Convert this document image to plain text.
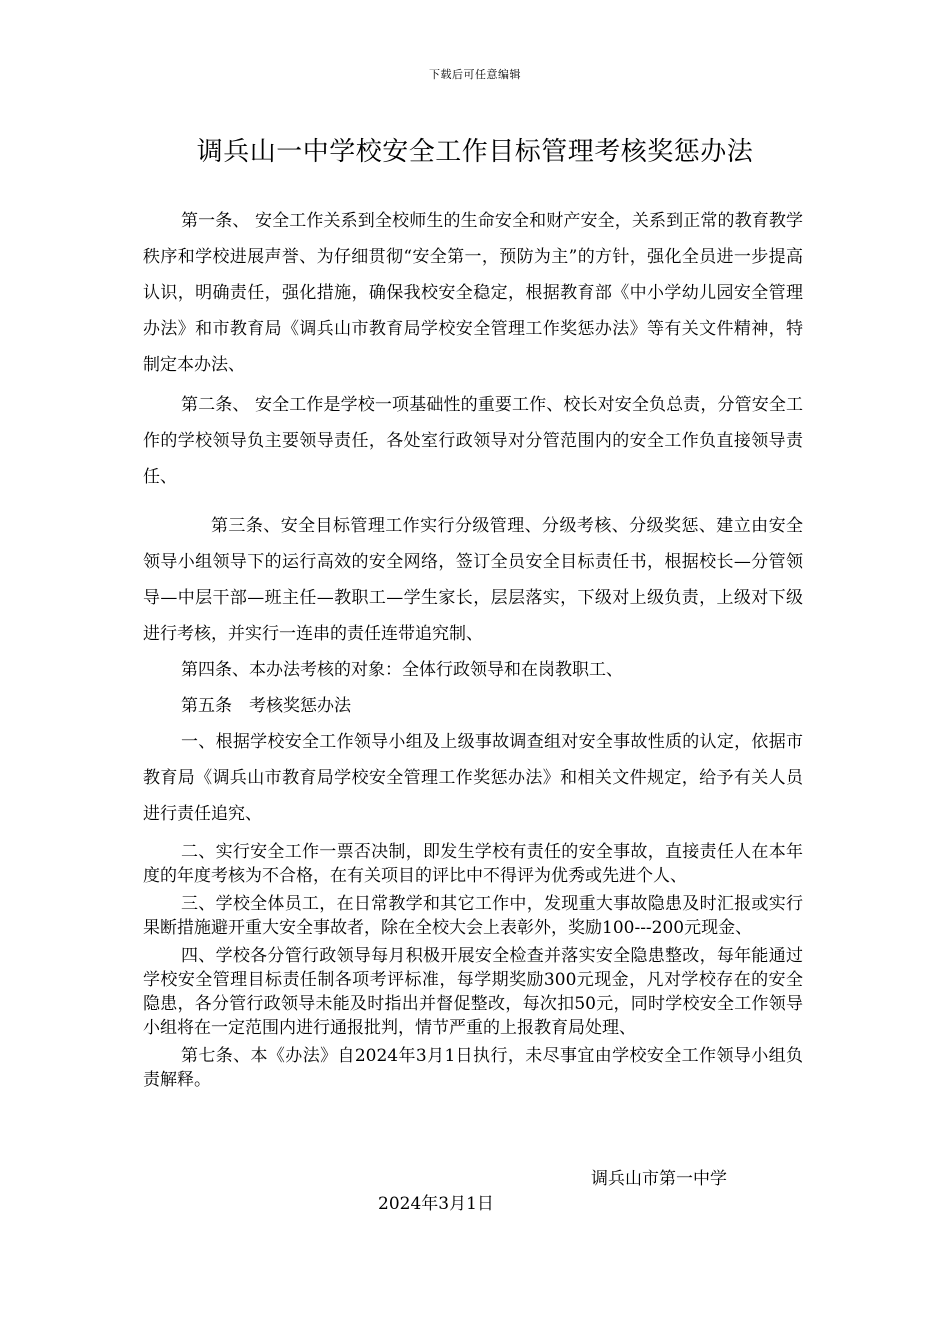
下载后可任意编辑
调兵山一中学校安全工作目标管理考核奖惩办法

第一条、 安全工作关系到全校师生的生命安全和财产安全，关系到正常的教育教学秩序和学校进展声誉、为仔细贯彻“安全第一，预防为主”的方针，强化全员进一步提高认识，明确责任，强化措施，确保我校安全稳定，根据教育部《中小学幼儿园安全管理办法》和市教育局《调兵山市教育局学校安全管理工作奖惩办法》等有关文件精神，特制定本办法、

第二条、 安全工作是学校一项基础性的重要工作、校长对安全负总责，分管安全工作的学校领导负主要领导责任，各处室行政领导对分管范围内的安全工作负直接领导责任、

第三条、安全目标管理工作实行分级管理、分级考核、分级奖惩、建立由安全领导小组领导下的运行高效的安全网络，签订全员安全目标责任书，根据校长—分管领导—中层干部—班主任—教职工—学生家长，层层落实，下级对上级负责，上级对下级进行考核，并实行一连串的责任连带追究制、

第四条、本办法考核的对象：全体行政领导和在岗教职工、

第五条　考核奖惩办法

一、根据学校安全工作领导小组及上级事故调查组对安全事故性质的认定，依据市教育局《调兵山市教育局学校安全管理工作奖惩办法》和相关文件规定，给予有关人员进行责任追究、

二、实行安全工作一票否决制，即发生学校有责任的安全事故，直接责任人在本年度的年度考核为不合格，在有关项目的评比中不得评为优秀或先进个人、

三、学校全体员工，在日常教学和其它工作中，发现重大事故隐患及时汇报或实行果断措施避开重大安全事故者，除在全校大会上表彰外，奖励100---200元现金、

四、学校各分管行政领导每月积极开展安全检查并落实安全隐患整改，每年能通过学校安全管理目标责任制各项考评标准，每学期奖励300元现金，凡对学校存在的安全隐患，各分管行政领导未能及时指出并督促整改，每次扣50元，同时学校安全工作领导小组将在一定范围内进行通报批判，情节严重的上报教育局处理、

第七条、本《办法》自2024年3月1日执行，未尽事宜由学校安全工作领导小组负责解释。

调兵山市第一中学
2024年3月1日
